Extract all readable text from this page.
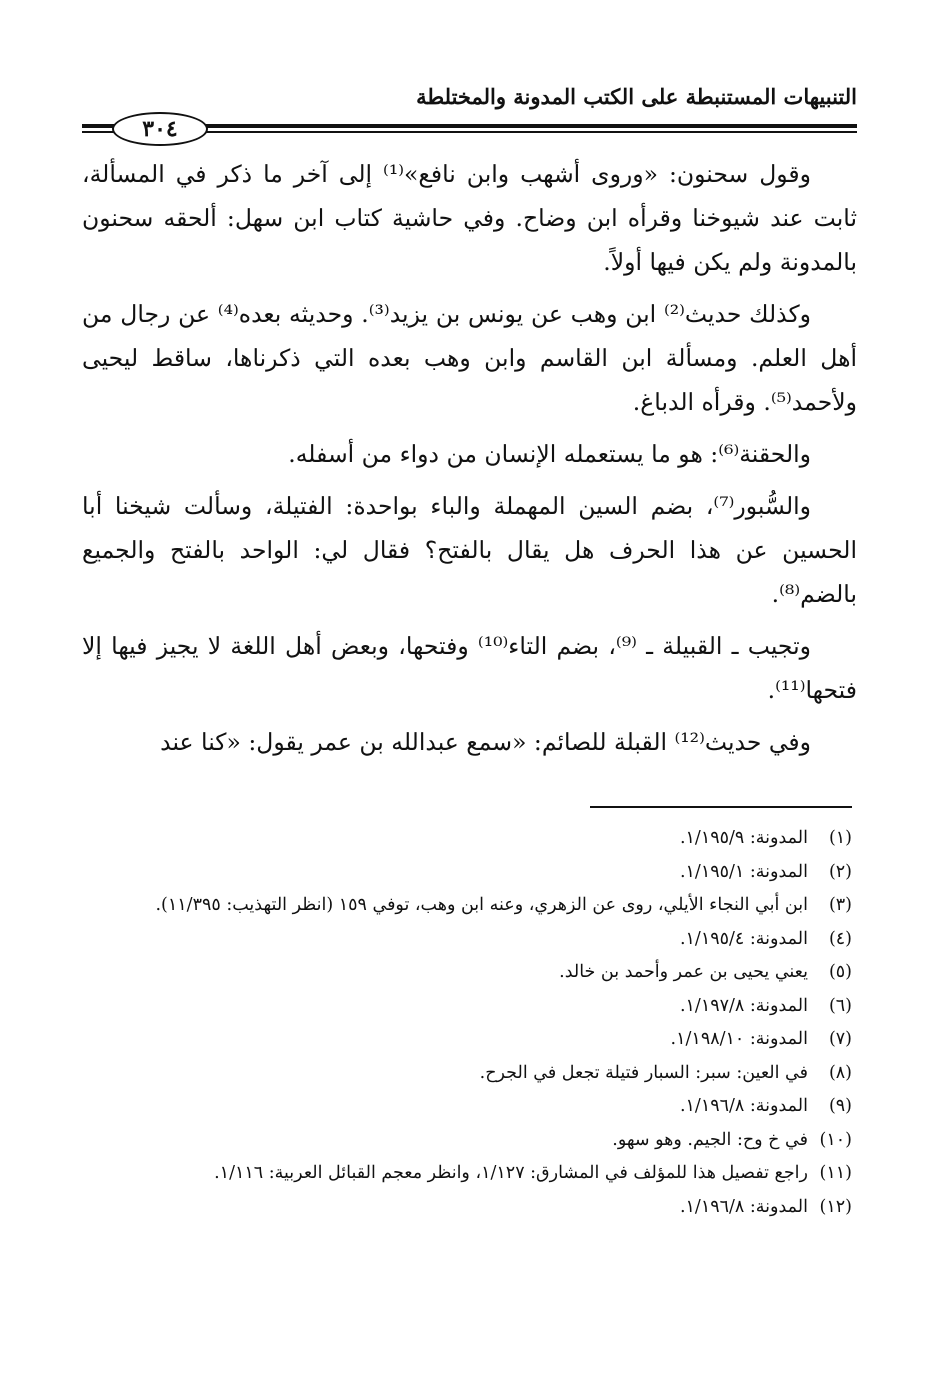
التنبيهات المستنبطة على الكتب المدونة والمختلطة
٣٠٤

وقول سحنون: «وروى أشهب وابن نافع»⁽¹⁾ إلى آخر ما ذكر في المسألة، ثابت عند شيوخنا وقرأه ابن وضاح. وفي حاشية كتاب ابن سهل: ألحقه سحنون بالمدونة ولم يكن فيها أولاً.

وكذلك حديث⁽²⁾ ابن وهب عن يونس بن يزيد⁽³⁾. وحديثه بعده⁽⁴⁾ عن رجال من أهل العلم. ومسألة ابن القاسم وابن وهب بعده التي ذكرناها، ساقط ليحيى ولأحمد⁽⁵⁾. وقرأه الدباغ.

والحقنة⁽⁶⁾: هو ما يستعمله الإنسان من دواء من أسفله.

والسُّبور⁽⁷⁾، بضم السين المهملة والباء بواحدة: الفتيلة، وسألت شيخنا أبا الحسين عن هذا الحرف هل يقال بالفتح؟ فقال لي: الواحد بالفتح والجميع بالضم⁽⁸⁾.

وتجيب ـ القبيلة ـ ⁽⁹⁾، بضم التاء⁽¹⁰⁾ وفتحها، وبعض أهل اللغة لا يجيز فيها إلا فتحها⁽¹¹⁾.

وفي حديث⁽¹²⁾ القبلة للصائم: «سمع عبدالله بن عمر يقول: «كنا عند

(١)
المدونة: ١/١٩٥/٩.
(٢)
المدونة: ١/١٩٥/١.
(٣)
ابن أبي النجاء الأيلي، روى عن الزهري، وعنه ابن وهب، توفي ١٥٩ (انظر التهذيب: ١١/٣٩٥).
(٤)
المدونة: ١/١٩٥/٤.
(٥)
يعني يحيى بن عمر وأحمد بن خالد.
(٦)
المدونة: ١/١٩٧/٨.
(٧)
المدونة: ١/١٩٨/١٠.
(٨)
في العين: سبر: السبار فتيلة تجعل في الجرح.
(٩)
المدونة: ١/١٩٦/٨.
(١٠)
في خ وح: الجيم. وهو سهو.
(١١)
راجع تفصيل هذا للمؤلف في المشارق: ١/١٢٧، وانظر معجم القبائل العربية: ١/١١٦.
(١٢)
المدونة: ١/١٩٦/٨.
